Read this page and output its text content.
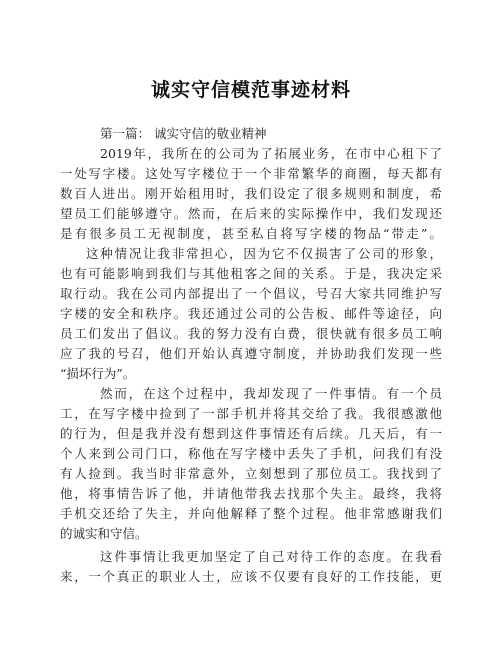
诚实守信模范事迹材料
第一篇： 诚实守信的敬业精神
2019年，我所在的公司为了拓展业务，在市中心租下了
一处写字楼。这处写字楼位于一个非常繁华的商圈，每天都有
数百人进出。刚开始租用时，我们设定了很多规则和制度，希
望员工们能够遵守。然而，在后来的实际操作中，我们发现还
是有很多员工无视制度，甚至私自将写字楼的物品“带走”。
这种情况让我非常担心，因为它不仅损害了公司的形象，
也有可能影响到我们与其他租客之间的关系。于是，我决定采
取行动。我在公司内部提出了一个倡议，号召大家共同维护写
字楼的安全和秩序。我还通过公司的公告板、邮件等途径，向
员工们发出了倡议。我的努力没有白费，很快就有很多员工响
应了我的号召，他们开始认真遵守制度，并协助我们发现一些
“损坏行为”。
然而，在这个过程中，我却发现了一件事情。有一个员
工，在写字楼中捡到了一部手机并将其交给了我。我很感激他
的行为，但是我并没有想到这件事情还有后续。几天后，有一
个人来到公司门口，称他在写字楼中丢失了手机，问我们有没
有人捡到。我当时非常意外，立刻想到了那位员工。我找到了
他，将事情告诉了他，并请他带我去找那个失主。最终，我将
手机交还给了失主，并向他解释了整个过程。他非常感谢我们
的诚实和守信。
这件事情让我更加坚定了自己对待工作的态度。在我看
来，一个真正的职业人士，应该不仅要有良好的工作技能，更
